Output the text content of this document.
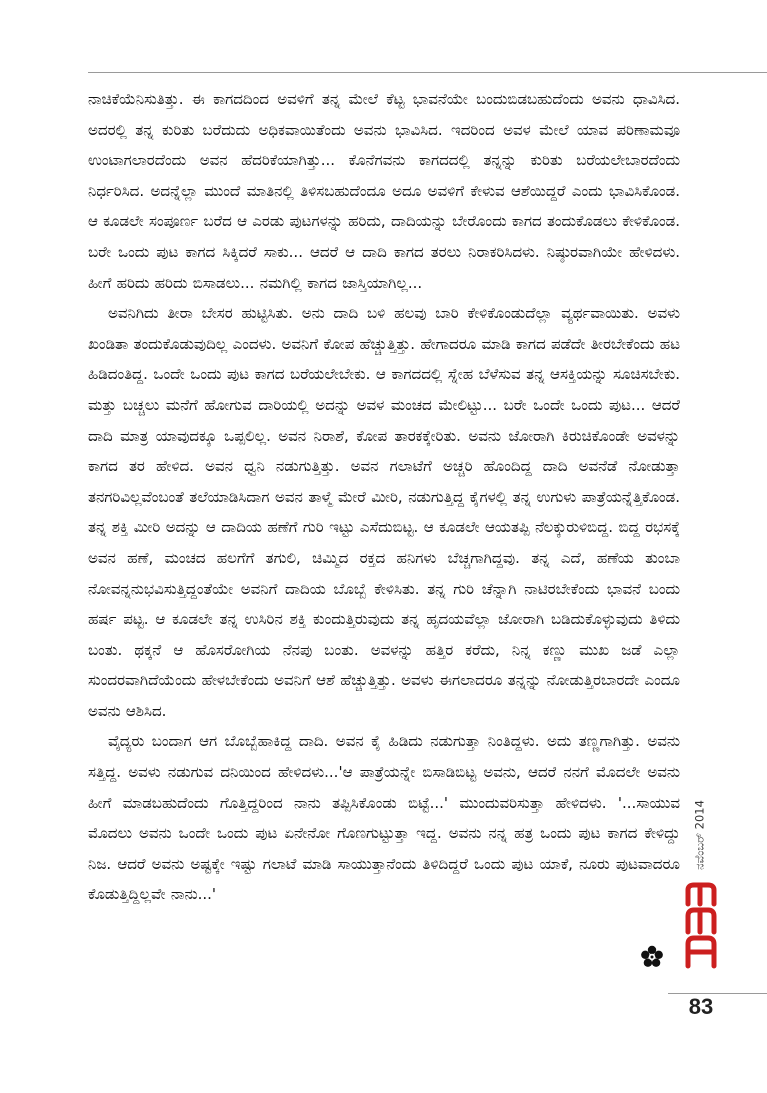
ನಾಚಿಕೆಯೆನಿಸುತಿತ್ತು. ಈ ಕಾಗದದಿಂದ ಅವಳಿಗೆ ತನ್ನ ಮೇಲೆ ಕೆಟ್ಟ ಭಾವನೆಯೇ ಬಂದುಬಿಡಬಹುದೆಂದು ಅವನು ಧಾವಿಸಿದ. ಅದರಲ್ಲಿ ತನ್ನ ಕುರಿತು ಬರೆದುದು ಅಧಿಕವಾಯಿತೆಂದು ಅವನು ಭಾವಿಸಿದ. ಇದರಿಂದ ಅವಳ ಮೇಲೆ ಯಾವ ಪರಿಣಾಮವೂ ಉಂಟಾಗಲಾರದೆಂದು ಅವನ ಹೆದರಿಕೆಯಾಗಿತ್ತು... ಕೊನೆಗವನು ಕಾಗದದಲ್ಲಿ ತನ್ನನ್ನು ಕುರಿತು ಬರೆಯಲೇಬಾರದೆಂದು ನಿರ್ಧರಿಸಿದ. ಅದನ್ನೆಲ್ಲಾ ಮುಂದೆ ಮಾತಿನಲ್ಲಿ ತಿಳಿಸಬಹುದೆಂದೂ ಅದೂ ಅವಳಿಗೆ ಕೇಳುವ ಆಶೆಯಿದ್ದರೆ ಎಂದು ಭಾವಿಸಿಕೊಂಡ. ಆ ಕೂಡಲೇ ಸಂಪೂರ್ಣ ಬರೆದ ಆ ಎರಡು ಪುಟಗಳನ್ನು ಹರಿದು, ದಾದಿಯನ್ನು ಬೇರೊಂದು ಕಾಗದ ತಂದುಕೊಡಲು ಕೇಳಿಕೊಂಡ. ಬರೇ ಒಂದು ಪುಟ ಕಾಗದ ಸಿಕ್ಕಿದರೆ ಸಾಕು... ಆದರೆ ಆ ದಾದಿ ಕಾಗದ ತರಲು ನಿರಾಕರಿಸಿದಳು. ನಿಷ್ಠುರವಾಗಿಯೇ ಹೇಳಿದಳು. ಹೀಗೆ ಹರಿದು ಹರಿದು ಬಿಸಾಡಲು... ನಮಗಿಲ್ಲಿ ಕಾಗದ ಜಾಸ್ತಿಯಾಗಿಲ್ಲ...

ಅವನಿಗಿದು ತೀರಾ ಬೇಸರ ಹುಟ್ಟಿಸಿತು. ಅನು ದಾದಿ ಬಳಿ ಹಲವು ಬಾರಿ ಕೇಳಿಕೊಂಡುದೆಲ್ಲಾ ವ್ಯರ್ಥವಾಯಿತು. ಅವಳು ಖಂಡಿತಾ ತಂದುಕೊಡುವುದಿಲ್ಲ ಎಂದಳು. ಅವನಿಗೆ ಕೋಪ ಹೆಚ್ಚುತ್ತಿತ್ತು. ಹೇಗಾದರೂ ಮಾಡಿ ಕಾಗದ ಪಡೆದೇ ತೀರಬೇಕೆಂದು ಹಟ ಹಿಡಿದಂತಿದ್ದ. ಒಂದೇ ಒಂದು ಪುಟ ಕಾಗದ ಬರೆಯಲೇಬೇಕು. ಆ ಕಾಗದದಲ್ಲಿ ಸ್ನೇಹ ಬೆಳೆಸುವ ತನ್ನ ಆಸಕ್ತಿಯನ್ನು ಸೂಚಿಸಬೇಕು. ಮತ್ತು ಬಚ್ಚಲು ಮನೆಗೆ ಹೋಗುವ ದಾರಿಯಲ್ಲಿ ಅದನ್ನು ಅವಳ ಮಂಚದ ಮೇಲಿಟ್ಟು... ಬರೇ ಒಂದೇ ಒಂದು ಪುಟ... ಆದರೆ ದಾದಿ ಮಾತ್ರ ಯಾವುದಕ್ಕೂ ಒಪ್ಪಲಿಲ್ಲ. ಅವನ ನಿರಾಶೆ, ಕೋಪ ತಾರಕಕ್ಕೇರಿತು. ಅವನು ಜೋರಾಗಿ ಕಿರುಚಿಕೊಂಡೇ ಅವಳನ್ನು ಕಾಗದ ತರ ಹೇಳಿದ. ಅವನ ಧ್ವನಿ ನಡುಗುತ್ತಿತ್ತು. ಅವನ ಗಲಾಟೆಗೆ ಅಚ್ಚರಿ ಹೊಂದಿದ್ದ ದಾದಿ ಅವನೆಡೆ ನೋಡುತ್ತಾ ತನಗರಿವಿಲ್ಲವೆಂಬಂತೆ ತಲೆಯಾಡಿಸಿದಾಗ ಅವನ ತಾಳ್ಮೆ ಮೇರೆ ಮೀರಿ, ನಡುಗುತ್ತಿದ್ದ ಕೈಗಳಲ್ಲಿ ತನ್ನ ಉಗುಳು ಪಾತ್ರೆಯನ್ನೆತ್ತಿಕೊಂಡ. ತನ್ನ ಶಕ್ತಿ ಮೀರಿ ಅದನ್ನು ಆ ದಾದಿಯ ಹಣೆಗೆ ಗುರಿ ಇಟ್ಟು ಎಸೆದುಬಿಟ್ಟ. ಆ ಕೂಡಲೇ ಆಯತಪ್ಪಿ ನೆಲಕ್ಕುರುಳಿಬಿದ್ದ. ಬಿದ್ದ ರಭಸಕ್ಕೆ ಅವನ ಹಣೆ, ಮಂಚದ ಹಲಗೆಗೆ ತಗುಲಿ, ಚಿಮ್ಮಿದ ರಕ್ತದ ಹನಿಗಳು ಬೆಚ್ಚಗಾಗಿದ್ದವು. ತನ್ನ ಎದೆ, ಹಣೆಯ ತುಂಬಾ ನೋವನ್ನನುಭವಿಸುತ್ತಿದ್ದಂತೆಯೇ ಅವನಿಗೆ ದಾದಿಯ ಬೊಬ್ಬೆ ಕೇಳಿಸಿತು. ತನ್ನ ಗುರಿ ಚೆನ್ನಾಗಿ ನಾಟಿರಬೇಕೆಂದು ಭಾವನೆ ಬಂದು ಹರ್ಷ ಪಟ್ಟ. ಆ ಕೂಡಲೇ ತನ್ನ ಉಸಿರಿನ ಶಕ್ತಿ ಕುಂದುತ್ತಿರುವುದು ತನ್ನ ಹೃದಯವೆಲ್ಲಾ ಜೋರಾಗಿ ಬಡಿದುಕೊಳ್ಳುವುದು ತಿಳಿದು ಬಂತು. ಥಕ್ಕನೆ ಆ ಹೊಸರೋಗಿಯ ನೆನಪು ಬಂತು. ಅವಳನ್ನು ಹತ್ತಿರ ಕರೆದು, ನಿನ್ನ ಕಣ್ಣು ಮುಖ ಜಡೆ ಎಲ್ಲಾ ಸುಂದರವಾಗಿದೆಯೆಂದು ಹೇಳಬೇಕೆಂದು ಅವನಿಗೆ ಆಶೆ ಹೆಚ್ಚುತ್ತಿತ್ತು. ಅವಳು ಈಗಲಾದರೂ ತನ್ನನ್ನು ನೋಡುತ್ತಿರಬಾರದೇ ಎಂದೂ ಅವನು ಆಶಿಸಿದ.

ವೈದ್ಯರು ಬಂದಾಗ ಆಗ ಬೊಬ್ಬೆಹಾಕಿದ್ದ ದಾದಿ. ಅವನ ಕೈ ಹಿಡಿದು ನಡುಗುತ್ತಾ ನಿಂತಿದ್ದಳು. ಅದು ತಣ್ಣಗಾಗಿತ್ತು. ಅವನು ಸತ್ತಿದ್ದ. ಅವಳು ನಡುಗುವ ದನಿಯಿಂದ ಹೇಳಿದಳು...'ಆ ಪಾತ್ರೆಯನ್ನೇ ಬಿಸಾಡಿಬಿಟ್ಟ ಅವನು, ಆದರೆ ನನಗೆ ಮೊದಲೇ ಅವನು ಹೀಗೆ ಮಾಡಬಹುದೆಂದು ಗೊತ್ತಿದ್ದರಿಂದ ನಾನು ತಪ್ಪಿಸಿಕೊಂಡು ಬಿಟ್ಟೆ...' ಮುಂದುವರಿಸುತ್ತಾ ಹೇಳಿದಳು. '...ಸಾಯುವ ಮೊದಲು ಅವನು ಒಂದೇ ಒಂದು ಪುಟ ಏನೇನೋ ಗೊಣಗುಟ್ಟುತ್ತಾ ಇದ್ದ. ಅವನು ನನ್ನ ಹತ್ರ ಒಂದು ಪುಟ ಕಾಗದ ಕೇಳಿದ್ದು ನಿಜ. ಆದರೆ ಅವನು ಅಷ್ಟಕ್ಕೇ ಇಷ್ಟು ಗಲಾಟೆ ಮಾಡಿ ಸಾಯುತ್ತಾನೆಂದು ತಿಳಿದಿದ್ದರೆ ಒಂದು ಪುಟ ಯಾಕೆ, ನೂರು ಪುಟವಾದರೂ ಕೊಡುತ್ತಿದ್ದಿಲ್ಲವೇ ನಾನು...'

ನವೆಂಬರ್ 2014
83
